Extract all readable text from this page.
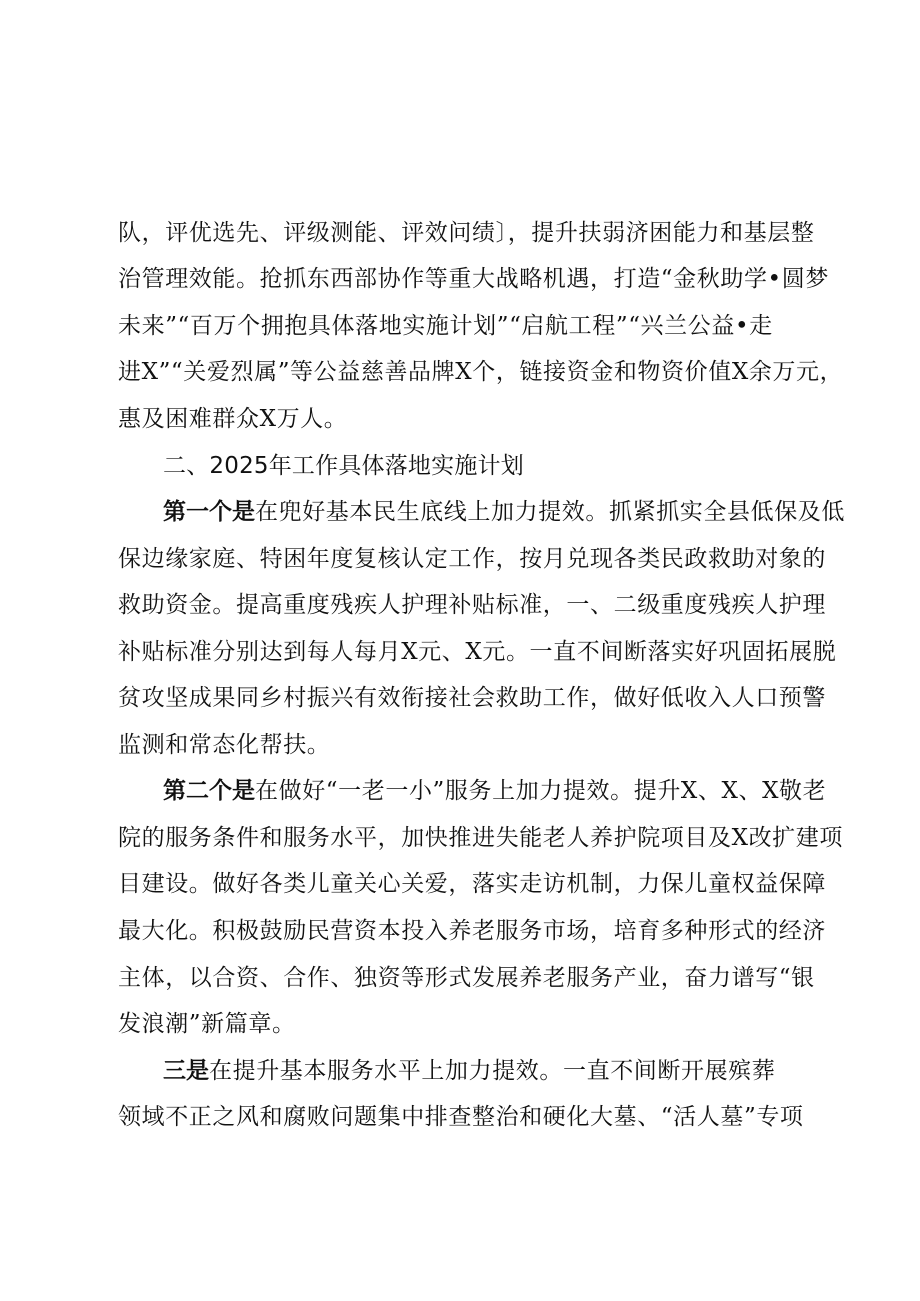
队，评优选先、评级测能、评效问绩〕，提升扶弱济困能力和基层整
治管理效能。抢抓东西部协作等重大战略机遇，打造“金秋助学•圆梦
未来”“百万个拥抱具体落地实施计划”“启航工程”“兴兰公益•走
进X”“关爱烈属”等公益慈善品牌X个，链接资金和物资价值X余万元，
惠及困难群众X万人。
二、2025年工作具体落地实施计划
第一个是在兜好基本民生底线上加力提效。抓紧抓实全县低保及低
保边缘家庭、特困年度复核认定工作，按月兑现各类民政救助对象的
救助资金。提高重度残疾人护理补贴标准，一、二级重度残疾人护理
补贴标准分别达到每人每月X元、X元。一直不间断落实好巩固拓展脱
贫攻坚成果同乡村振兴有效衔接社会救助工作，做好低收入人口预警
监测和常态化帮扶。
第二个是在做好“一老一小”服务上加力提效。提升X、X、X敬老
院的服务条件和服务水平，加快推进失能老人养护院项目及X改扩建项
目建设。做好各类儿童关心关爱，落实走访机制，力保儿童权益保障
最大化。积极鼓励民营资本投入养老服务市场，培育多种形式的经济
主体，以合资、合作、独资等形式发展养老服务产业，奋力谱写“银
发浪潮”新篇章。
三是在提升基本服务水平上加力提效。一直不间断开展殡葬
领域不正之风和腐败问题集中排查整治和硬化大墓、“活人墓”专项
